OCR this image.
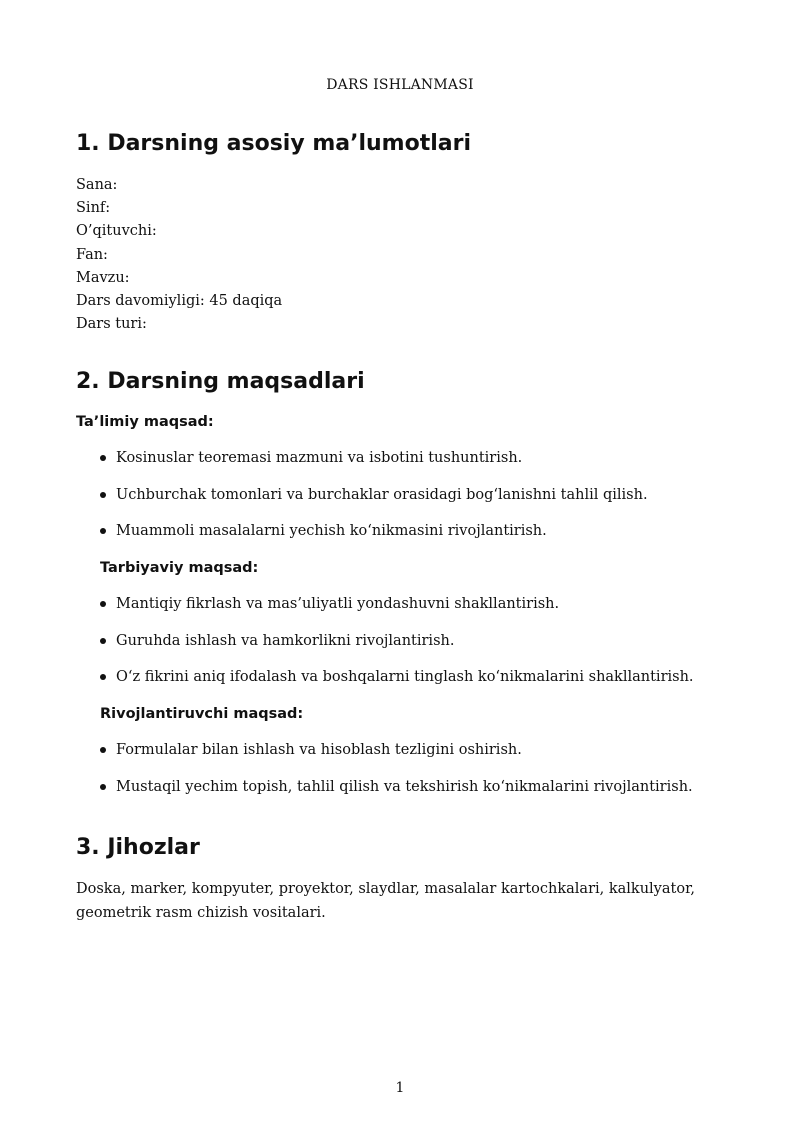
DARS ISHLANMASI
1. Darsning asosiy ma’lumotlari
Sana:
Sinf:
O’qituvchi:
Fan:
Mavzu:
Dars davomiyligi: 45 daqiqa
Dars turi:
2. Darsning maqsadlari

Ta’limiy maqsad:

Kosinuslar teoremasi mazmuni va isbotini tushuntirish.
Uchburchak tomonlari va burchaklar orasidagi bog‘lanishni tahlil qilish.
Muammoli masalalarni yechish ko‘nikmasini rivojlantirish.

Tarbiyaviy maqsad:

Mantiqiy fikrlash va mas’uliyatli yondashuvni shakllantirish.
Guruhda ishlash va hamkorlikni rivojlantirish.
O‘z fikrini aniq ifodalash va boshqalarni tinglash ko‘nikmalarini shakllantirish.

Rivojlantiruvchi maqsad:

Formulalar bilan ishlash va hisoblash tezligini oshirish.
Mustaqil yechim topish, tahlil qilish va tekshirish ko‘nikmalarini rivojlantirish.
3. Jihozlar

Doska, marker, kompyuter, proyektor, slaydlar, masalalar kartochkalari, kalkulyator, geometrik rasm chizish vositalari.

1
